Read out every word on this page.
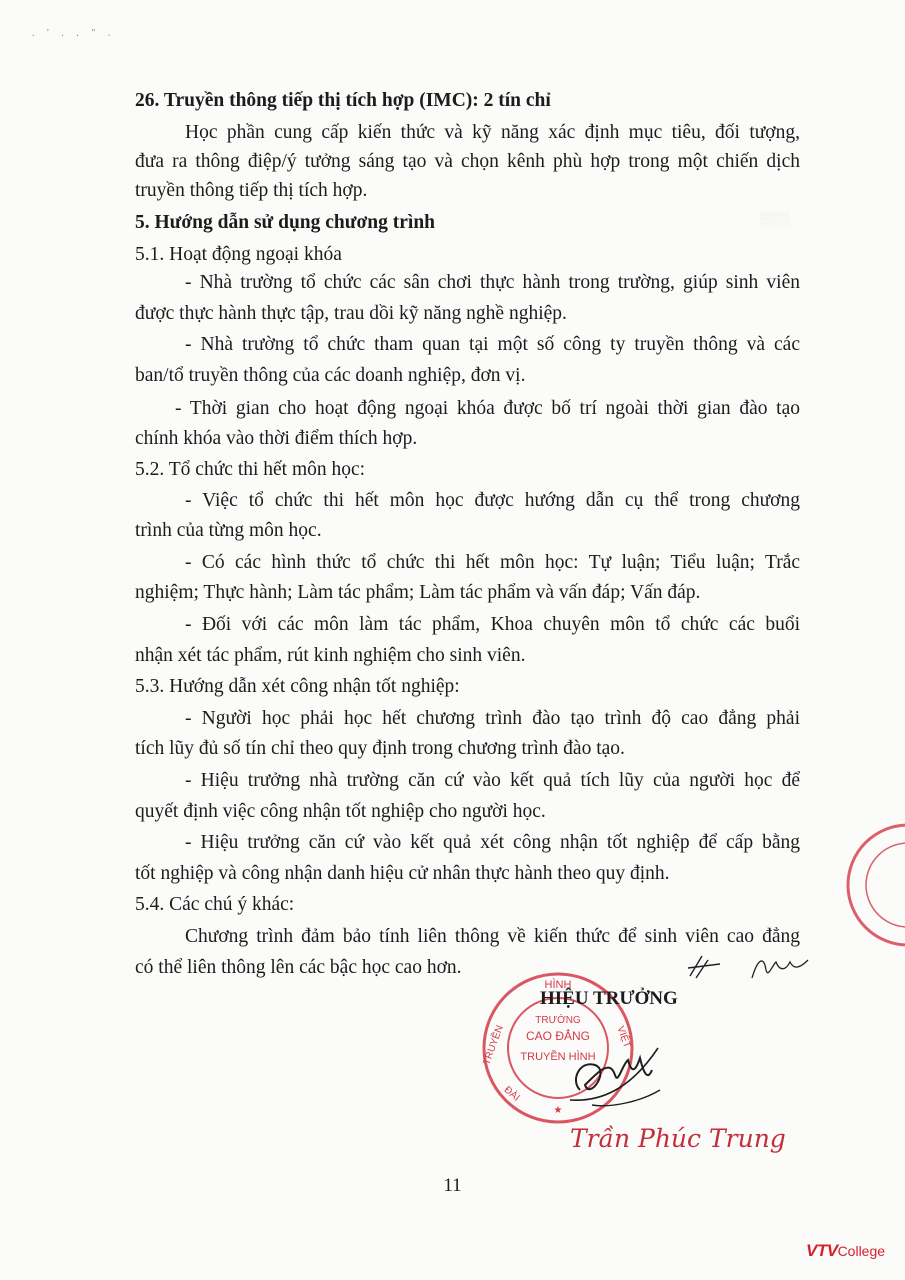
. ' . . " .
▒▒▒

26. Truyền thông tiếp thị tích hợp (IMC): 2 tín chỉ

Học phần cung cấp kiến thức và kỹ năng xác định mục tiêu, đối tượng,

đưa ra thông điệp/ý tưởng sáng tạo và chọn kênh phù hợp trong một chiến dịch

truyền thông tiếp thị tích hợp.

5. Hướng dẫn sử dụng chương trình

5.1. Hoạt động ngoại khóa

- Nhà trường tổ chức các sân chơi thực hành trong trường, giúp sinh viên

được thực hành thực tập, trau dồi kỹ năng nghề nghiệp.

- Nhà trường tổ chức tham quan tại một số công ty truyền thông và các

ban/tổ truyền thông của các doanh nghiệp, đơn vị.

- Thời gian cho hoạt động ngoại khóa được bố trí ngoài thời gian đào tạo

chính khóa vào thời điểm thích hợp.

5.2. Tổ chức thi hết môn học:

- Việc tổ chức thi hết môn học được hướng dẫn cụ thể trong chương

trình của từng môn học.

- Có các hình thức tổ chức thi hết môn học: Tự luận; Tiểu luận; Trắc

nghiệm; Thực hành; Làm tác phẩm; Làm tác phẩm và vấn đáp; Vấn đáp.

- Đối với các môn làm tác phẩm, Khoa chuyên môn tổ chức các buổi

nhận xét tác phẩm, rút kinh nghiệm cho sinh viên.

5.3. Hướng dẫn xét công nhận tốt nghiệp:

- Người học phải học hết chương trình đào tạo trình độ cao đẳng phải

tích lũy đủ số tín chỉ theo quy định trong chương trình đào tạo.

- Hiệu trưởng nhà trường căn cứ vào kết quả tích lũy của người học để

quyết định việc công nhận tốt nghiệp cho người học.

- Hiệu trưởng căn cứ vào kết quả xét công nhận tốt nghiệp để cấp bằng

tốt nghiệp và công nhận danh hiệu cử nhân thực hành theo quy định.

5.4. Các chú ý khác:

Chương trình đảm bảo tính liên thông về kiến thức để sinh viên cao đẳng

có thể liên thông lên các bậc học cao hơn.

HÌNH
TRUYỀN	VIỆT
ĐÀI
TRƯỜNG
CAO ĐẲNG
TRUYỀN HÌNH
★
HIỆU TRƯỞNG
Trần Phúc Trung
11
VTVCollege
